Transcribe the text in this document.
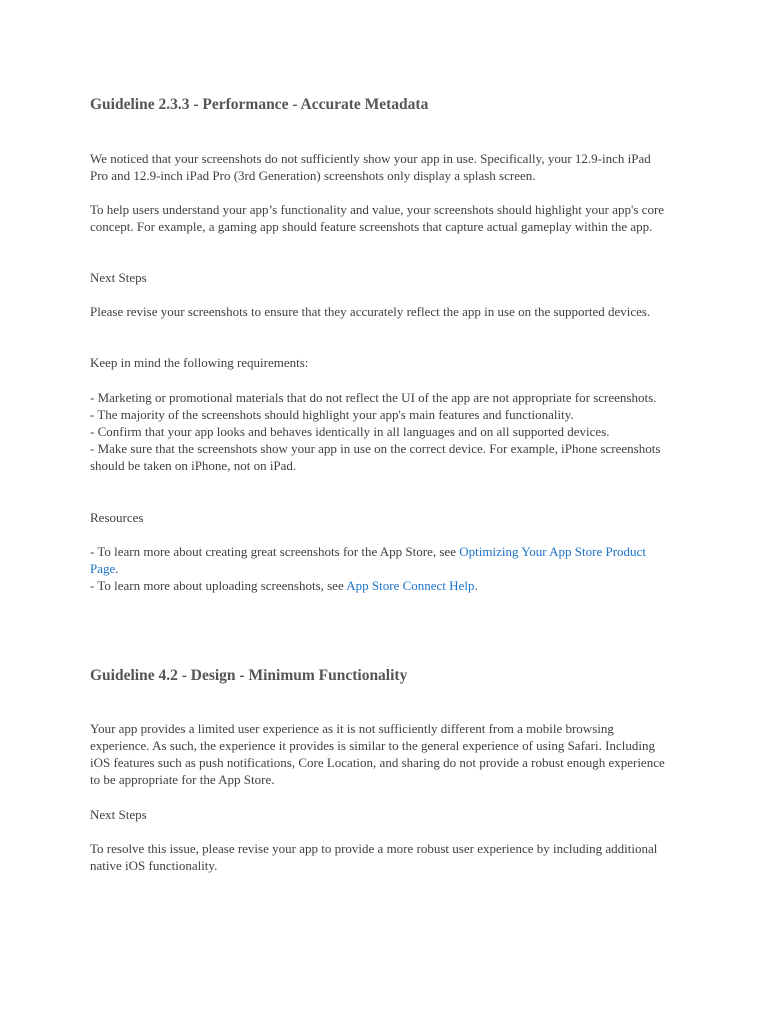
Guideline 2.3.3 - Performance - Accurate Metadata

We noticed that your screenshots do not sufficiently show your app in use. Specifically, your 12.9-inch iPad Pro and 12.9-inch iPad Pro (3rd Generation) screenshots only display a splash screen.

To help users understand your app’s functionality and value, your screenshots should highlight your app's core concept. For example, a gaming app should feature screenshots that capture actual gameplay within the app.

Next Steps

Please revise your screenshots to ensure that they accurately reflect the app in use on the supported devices.

Keep in mind the following requirements:

- Marketing or promotional materials that do not reflect the UI of the app are not appropriate for screenshots.
- The majority of the screenshots should highlight your app's main features and functionality.
- Confirm that your app looks and behaves identically in all languages and on all supported devices.
- Make sure that the screenshots show your app in use on the correct device. For example, iPhone screenshots should be taken on iPhone, not on iPad.

Resources

- To learn more about creating great screenshots for the App Store, see Optimizing Your App Store Product Page.
- To learn more about uploading screenshots, see App Store Connect Help.
Guideline 4.2 - Design - Minimum Functionality

Your app provides a limited user experience as it is not sufficiently different from a mobile browsing experience. As such, the experience it provides is similar to the general experience of using Safari. Including iOS features such as push notifications, Core Location, and sharing do not provide a robust enough experience to be appropriate for the App Store.

Next Steps

To resolve this issue, please revise your app to provide a more robust user experience by including additional native iOS functionality.
